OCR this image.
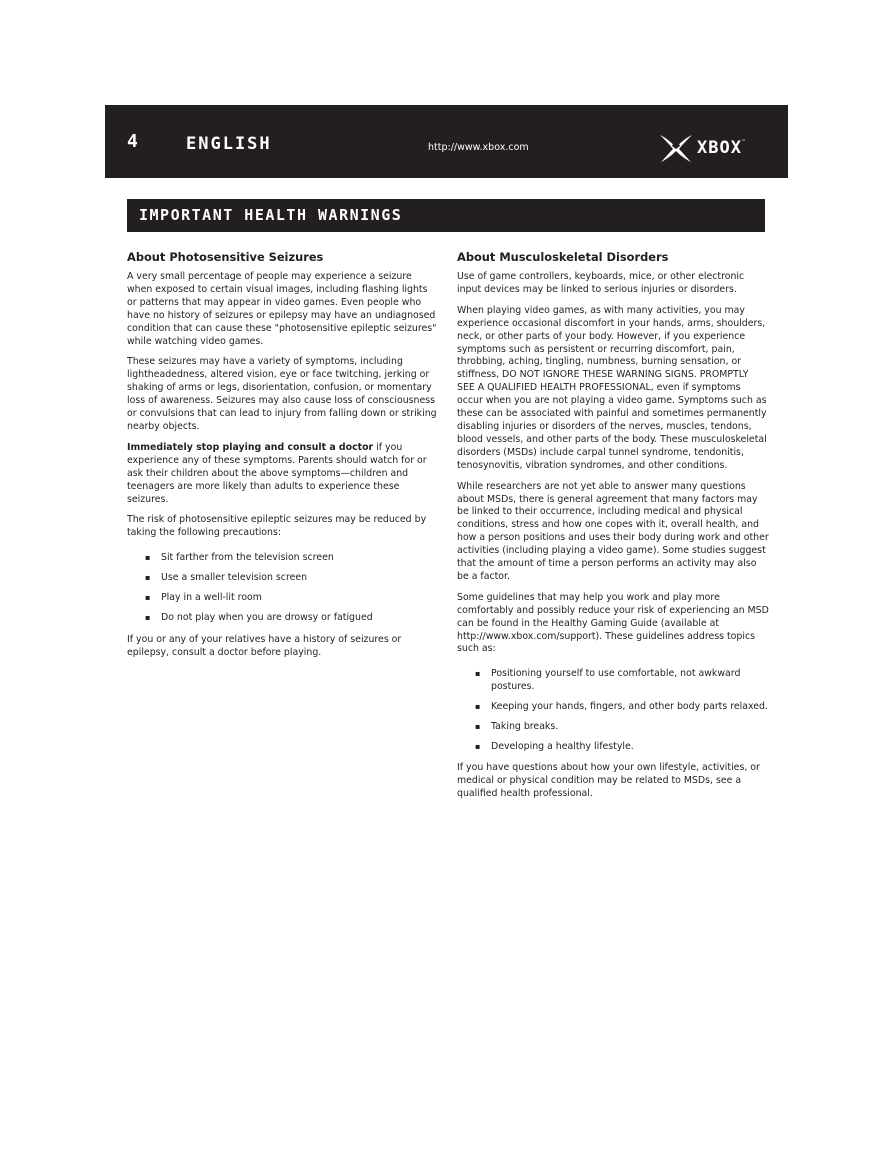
4	ENGLISH	http://www.xbox.com	XBOX™
IMPORTANT HEALTH WARNINGS
About Photosensitive Seizures

A very small percentage of people may experience a seizure when exposed to certain visual images, including flashing lights or patterns that may appear in video games. Even people who have no history of seizures or epilepsy may have an undiagnosed condition that can cause these "photosensitive epileptic seizures" while watching video games.

These seizures may have a variety of symptoms, including lightheadedness, altered vision, eye or face twitching, jerking or shaking of arms or legs, disorientation, confusion, or momentary loss of awareness. Seizures may also cause loss of consciousness or convulsions that can lead to injury from falling down or striking nearby objects.

Immediately stop playing and consult a doctor if you experience any of these symptoms. Parents should watch for or ask their children about the above symptoms—children and teenagers are more likely than adults to experience these seizures.

The risk of photosensitive epileptic seizures may be reduced by taking the following precautions:

▪ Sit farther from the television screen
▪ Use a smaller television screen
▪ Play in a well-lit room
▪ Do not play when you are drowsy or fatigued

If you or any of your relatives have a history of seizures or epilepsy, consult a doctor before playing.

About Musculoskeletal Disorders

Use of game controllers, keyboards, mice, or other electronic input devices may be linked to serious injuries or disorders.

When playing video games, as with many activities, you may experience occasional discomfort in your hands, arms, shoulders, neck, or other parts of your body. However, if you experience symptoms such as persistent or recurring discomfort, pain, throbbing, aching, tingling, numbness, burning sensation, or stiffness, DO NOT IGNORE THESE WARNING SIGNS. PROMPTLY SEE A QUALIFIED HEALTH PROFESSIONAL, even if symptoms occur when you are not playing a video game. Symptoms such as these can be associated with painful and sometimes permanently disabling injuries or disorders of the nerves, muscles, tendons, blood vessels, and other parts of the body. These musculoskeletal disorders (MSDs) include carpal tunnel syndrome, tendonitis, tenosynovitis, vibration syndromes, and other conditions.

While researchers are not yet able to answer many questions about MSDs, there is general agreement that many factors may be linked to their occurrence, including medical and physical conditions, stress and how one copes with it, overall health, and how a person positions and uses their body during work and other activities (including playing a video game). Some studies suggest that the amount of time a person performs an activity may also be a factor.

Some guidelines that may help you work and play more comfortably and possibly reduce your risk of experiencing an MSD can be found in the Healthy Gaming Guide (available at http://www.xbox.com/support). These guidelines address topics such as:

▪ Positioning yourself to use comfortable, not awkward postures.
▪ Keeping your hands, fingers, and other body parts relaxed.
▪ Taking breaks.
▪ Developing a healthy lifestyle.

If you have questions about how your own lifestyle, activities, or medical or physical condition may be related to MSDs, see a qualified health professional.
